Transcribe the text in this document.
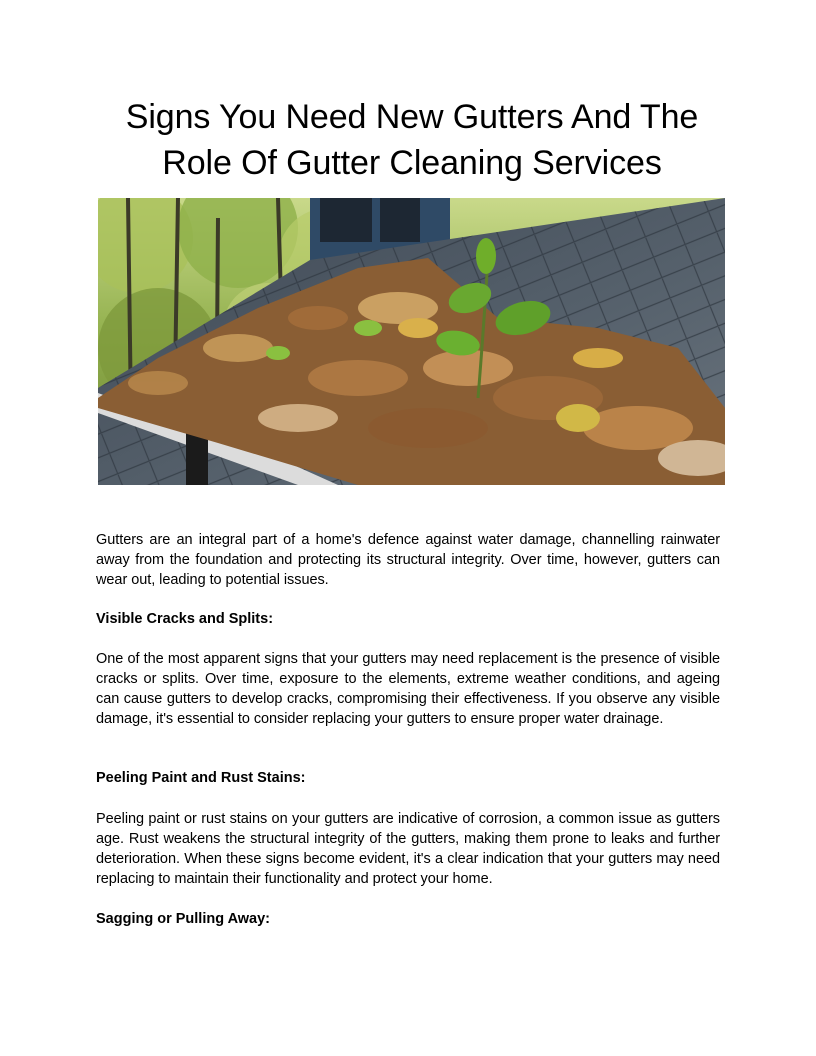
Signs You Need New Gutters And The Role Of Gutter Cleaning Services

Gutters are an integral part of a home's defence against water damage, channelling rainwater away from the foundation and protecting its structural integrity. Over time, however, gutters can wear out, leading to potential issues.

Visible Cracks and Splits:

One of the most apparent signs that your gutters may need replacement is the presence of visible cracks or splits. Over time, exposure to the elements, extreme weather conditions, and ageing can cause gutters to develop cracks, compromising their effectiveness. If you observe any visible damage, it's essential to consider replacing your gutters to ensure proper water drainage.

Peeling Paint and Rust Stains:

Peeling paint or rust stains on your gutters are indicative of corrosion, a common issue as gutters age. Rust weakens the structural integrity of the gutters, making them prone to leaks and further deterioration. When these signs become evident, it's a clear indication that your gutters may need replacing to maintain their functionality and protect your home.

Sagging or Pulling Away:
